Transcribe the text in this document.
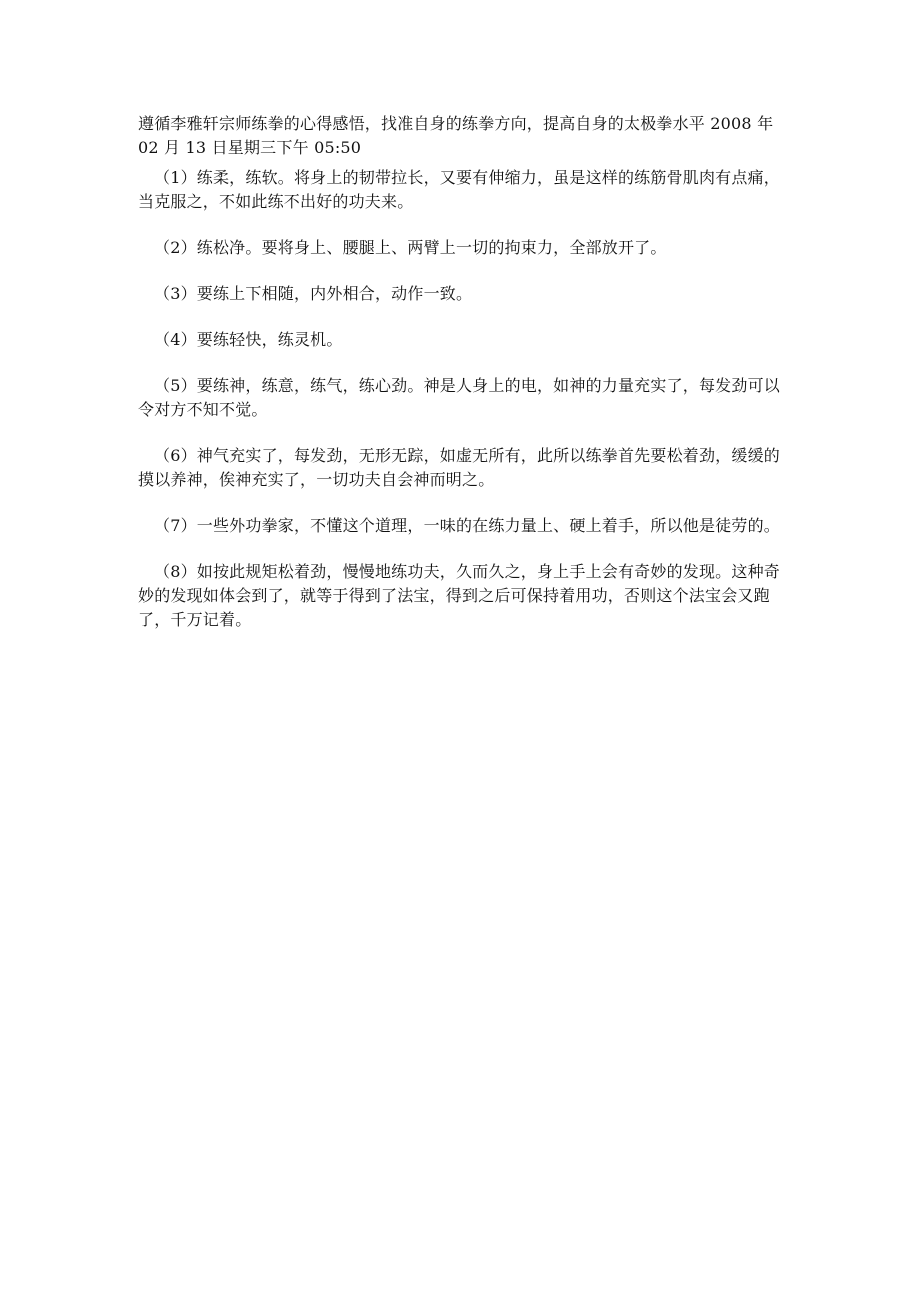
遵循李雅轩宗师练拳的心得感悟，找准自身的练拳方向，提高自身的太极拳水平 2008 年 02 月 13 日星期三下午 05:50

（1）练柔，练软。将身上的韧带拉长，又要有伸缩力，虽是这样的练筋骨肌肉有点痛，当克服之，不如此练不出好的功夫来。

（2）练松净。要将身上、腰腿上、两臂上一切的拘束力，全部放开了。

（3）要练上下相随，内外相合，动作一致。

（4）要练轻快，练灵机。

（5）要练神，练意，练气，练心劲。神是人身上的电，如神的力量充实了，每发劲可以令对方不知不觉。

（6）神气充实了，每发劲，无形无踪，如虚无所有，此所以练拳首先要松着劲，缓缓的摸以养神，俟神充实了，一切功夫自会神而明之。

（7）一些外功拳家，不懂这个道理，一味的在练力量上、硬上着手，所以他是徒劳的。

（8）如按此规矩松着劲，慢慢地练功夫，久而久之，身上手上会有奇妙的发现。这种奇妙的发现如体会到了，就等于得到了法宝，得到之后可保持着用功，否则这个法宝会又跑了，千万记着。
